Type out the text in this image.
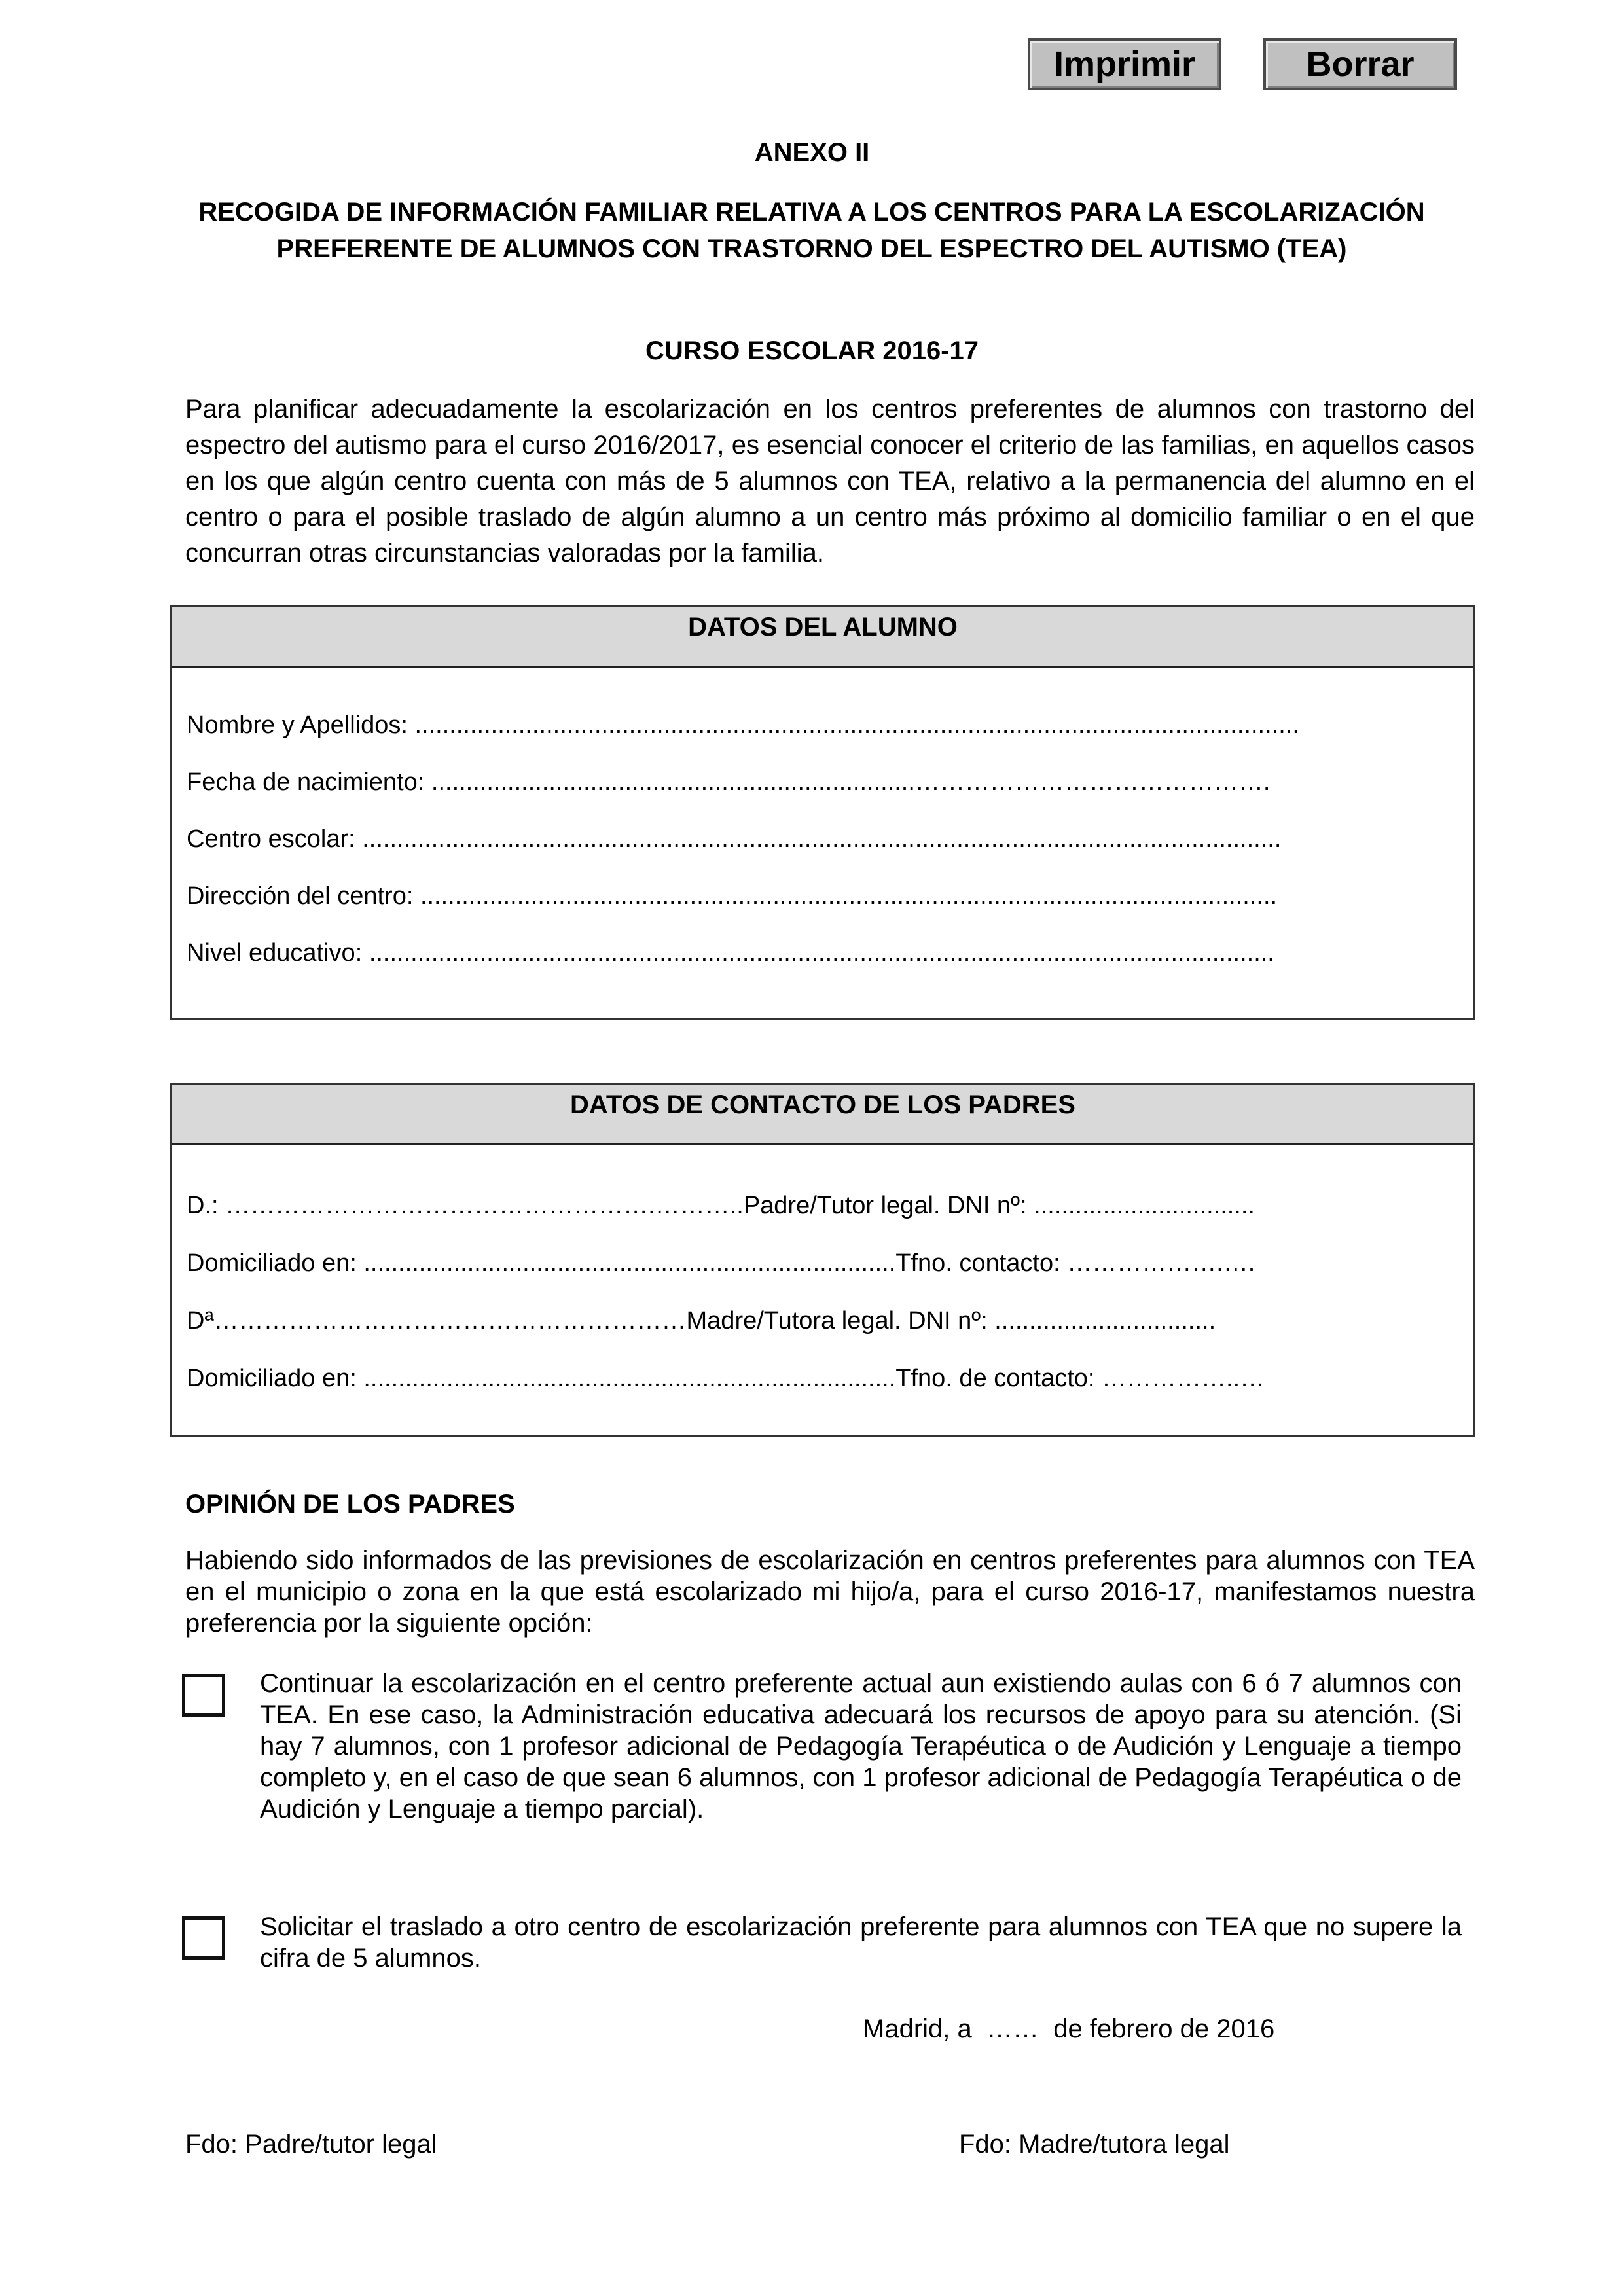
Imprimir	Borrar
ANEXO II
RECOGIDA DE INFORMACIÓN FAMILIAR RELATIVA A LOS CENTROS PARA LA ESCOLARIZACIÓN PREFERENTE DE ALUMNOS CON TRASTORNO DEL ESPECTRO DEL AUTISMO (TEA)
CURSO ESCOLAR 2016-17
Para planificar adecuadamente la escolarización en los centros preferentes de alumnos con trastorno del espectro del autismo para el curso 2016/2017, es esencial conocer el criterio de las familias, en aquellos casos en los que algún centro cuenta con más de 5 alumnos con TEA, relativo a la permanencia del alumno en el centro o para el posible traslado de algún alumno a un centro más próximo al domicilio familiar o en el que concurran otras circunstancias valoradas por la familia.
DATOS DEL ALUMNO
Nombre y Apellidos: ................................................................................................................................
Fecha de nacimiento: ......................................................................…………………………………….
Centro escolar: .....................................................................................................................................
Dirección del centro: ............................................................................................................................
Nivel educativo: ...................................................................................................................................
DATOS DE CONTACTO DE LOS PADRES
D.: …………………………………………….………..Padre/Tutor legal. DNI nº: ................................
Domiciliado en: .............................................................................Tfno. contacto: ……………….….
Dª…………………………………………………Madre/Tutora legal. DNI nº: ................................
Domiciliado en: .............................................................................Tfno. de contacto: ……………..…
OPINIÓN DE LOS PADRES
Habiendo sido informados de las previsiones de escolarización en centros preferentes para alumnos con TEA en el municipio o zona en la que está escolarizado mi hijo/a, para el curso 2016-17, manifestamos nuestra preferencia por la siguiente opción:
Continuar la escolarización en el centro preferente actual aun existiendo aulas con 6 ó 7 alumnos con TEA. En ese caso, la Administración educativa adecuará los recursos de apoyo para su atención. (Si hay 7 alumnos, con 1 profesor adicional de Pedagogía Terapéutica o de Audición y Lenguaje a tiempo completo y, en el caso de que sean 6 alumnos, con 1 profesor adicional de Pedagogía Terapéutica o de Audición y Lenguaje a tiempo parcial).
Solicitar el traslado a otro centro de escolarización preferente para alumnos con TEA que no supere la cifra de 5 alumnos.
Madrid, a  ……  de febrero de 2016
Fdo: Padre/tutor legal	Fdo: Madre/tutora legal
